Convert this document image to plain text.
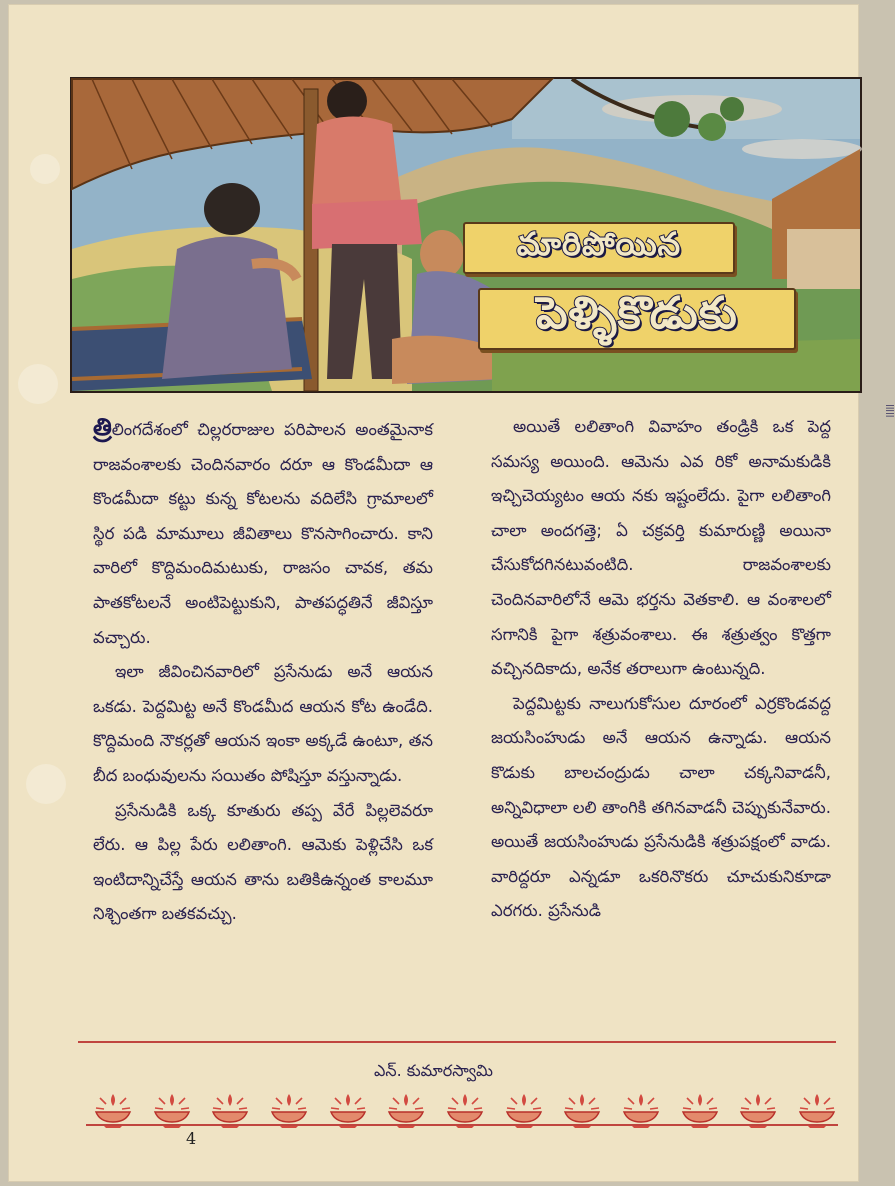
|||||
మారిపోయిన
పెళ్ళికొడుకు

త్రిలింగదేశంలో చిల్లరరాజుల పరిపాలన అంతమైనాక రాజవంశాలకు చెందినవారం దరూ ఆ కొండమీదా ఆ కొండమీదా కట్టు కున్న కోటలను వదిలేసి గ్రామాలలో స్థిర పడి మామూలు జీవితాలు కొనసాగించారు. కాని వారిలో కొద్దిమందిమటుకు, రాజసం చావక, తమ పాతకోటలనే అంటిపెట్టుకుని, పాతపద్ధతినే జీవిస్తూ వచ్చారు.

ఇలా జీవించినవారిలో ప్రసేనుడు అనే ఆయన ఒకడు. పెద్దమిట్ట అనే కొండమీద ఆయన కోట ఉండేది. కొద్దిమంది నౌకర్లతో ఆయన ఇంకా అక్కడే ఉంటూ, తన బీద బంధువులను సయితం పోషిస్తూ వస్తున్నాడు.

ప్రసేనుడికి ఒక్క కూతురు తప్ప వేరే పిల్లలెవరూ లేరు. ఆ పిల్ల పేరు లలితాంగి. ఆమెకు పెళ్లిచేసి ఒక ఇంటిదాన్నిచేస్తే ఆయన తాను బతికిఉన్నంత కాలమూ నిశ్చింతగా బతకవచ్చు.

అయితే లలితాంగి వివాహం తండ్రికి ఒక పెద్ద సమస్య అయింది. ఆమెను ఎవ రికో అనామకుడికి ఇచ్చిచెయ్యటం ఆయ నకు ఇష్టంలేదు. పైగా లలితాంగి చాలా అందగత్తె; ఏ చక్రవర్తి కుమారుణ్ణి అయినా చేసుకోదగినటువంటిది. రాజవంశాలకు చెందినవారిలోనే ఆమె భర్తను వెతకాలి. ఆ వంశాలలో సగానికి పైగా శత్రువంశాలు. ఈ శత్రుత్వం కొత్తగా వచ్చినదికాదు, అనేక తరాలుగా ఉంటున్నది.

పెద్దమిట్టకు నాలుగుకోసుల దూరంలో ఎర్రకొండవద్ద జయసింహుడు అనే ఆయన ఉన్నాడు. ఆయన కొడుకు బాలచంద్రుడు చాలా చక్కనివాడనీ, అన్నివిధాలా లలి తాంగికి తగినవాడనీ చెప్పుకునేవారు. అయితే జయసింహుడు ప్రసేనుడికి శత్రుపక్షంలో వాడు. వారిద్దరూ ఎన్నడూ ఒకరినొకరు చూచుకునికూడా ఎరగరు. ప్రసేనుడి

ఎన్. కుమారస్వామి
4
